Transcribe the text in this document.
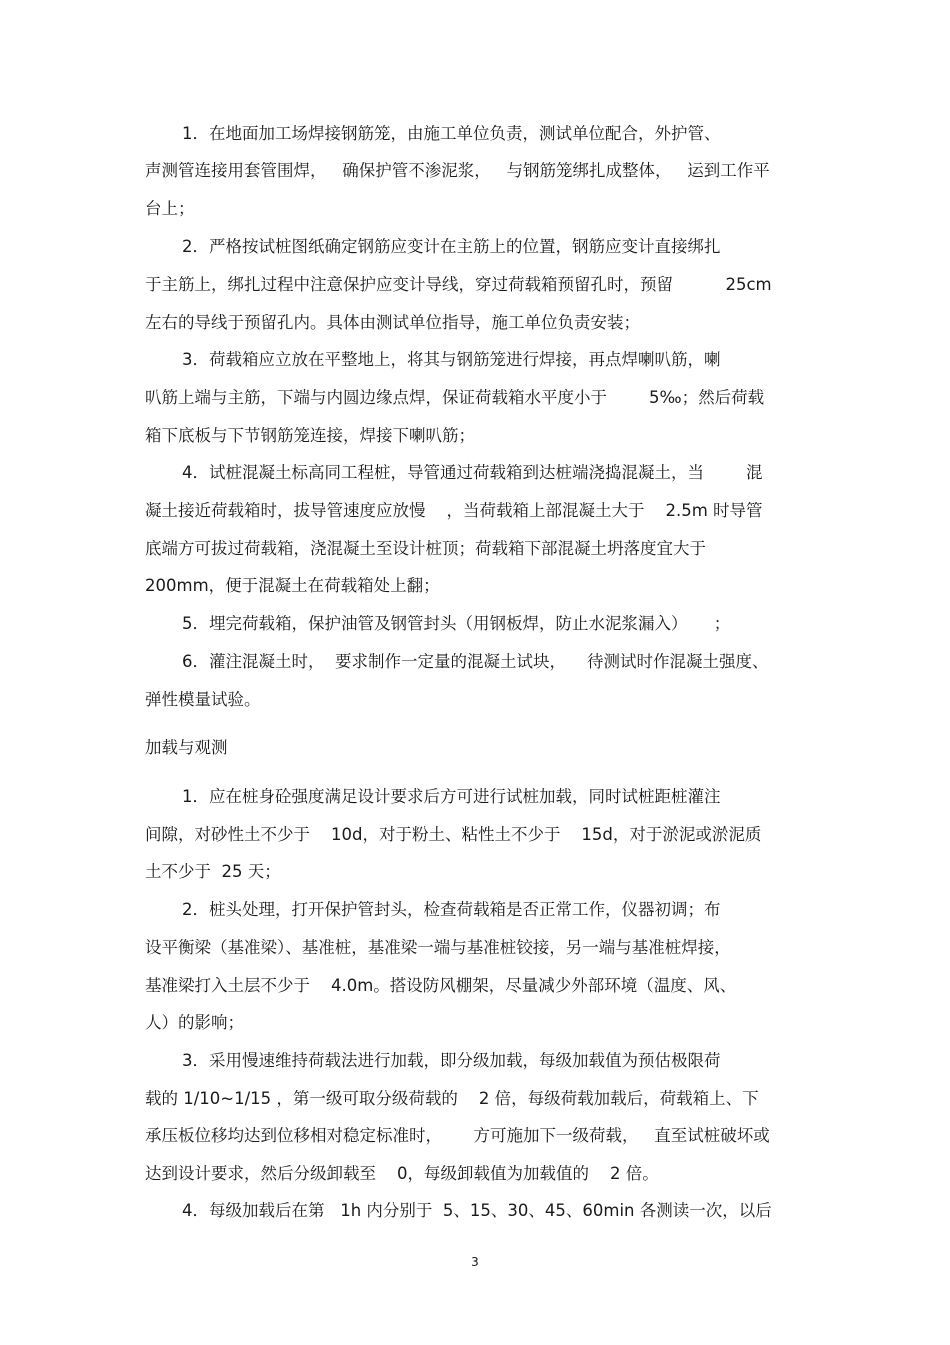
1．在地面加工场焊接钢筋笼，由施工单位负责，测试单位配合，外护管、
声测管连接用套管围焊，   确保护管不渗泥浆，   与钢筋笼绑扎成整体，   运到工作平
台上；
2．严格按试桩图纸确定钢筋应变计在主筋上的位置，钢筋应变计直接绑扎
于主筋上，绑扎过程中注意保护应变计导线，穿过荷载箱预留孔时，预留          25cm
左右的导线于预留孔内。具体由测试单位指导，施工单位负责安装；
3．荷载箱应立放在平整地上，将其与钢筋笼进行焊接，再点焊喇叭筋，喇
叭筋上端与主筋，下端与内圆边缘点焊，保证荷载箱水平度小于        5‰；然后荷载
箱下底板与下节钢筋笼连接，焊接下喇叭筋；
4．试桩混凝土标高同工程桩，导管通过荷载箱到达桩端浇捣混凝土，当        混
凝土接近荷载箱时，拔导管速度应放慢    ，当荷载箱上部混凝土大于    2.5m 时导管
底端方可拔过荷载箱，浇混凝土至设计桩顶；荷载箱下部混凝土坍落度宜大于
200mm，便于混凝土在荷载箱处上翻；
5．埋完荷载箱，保护油管及钢管封头（用钢板焊，防止水泥浆漏入）     ；
6．灌注混凝土时，  要求制作一定量的混凝土试块，    待测试时作混凝土强度、
弹性模量试验。
加载与观测
1．应在桩身砼强度满足设计要求后方可进行试桩加载，同时试桩距桩灌注
间隙，对砂性土不少于    10d，对于粉土、粘性土不少于    15d，对于淤泥或淤泥质
土不少于  25 天；
2．桩头处理，打开保护管封头，检查荷载箱是否正常工作，仪器初调；布
设平衡梁（基准梁）、基准桩，基准梁一端与基准桩铰接，另一端与基准桩焊接，
基准梁打入土层不少于    4.0m。搭设防风棚架，尽量减少外部环境（温度、风、
人）的影响；
3．采用慢速维持荷载法进行加载，即分级加载，每级加载值为预估极限荷
载的 1/10~1/15 ，第一级可取分级荷载的    2 倍，每级荷载加载后，荷载箱上、下
承压板位移均达到位移相对稳定标准时，      方可施加下一级荷载，   直至试桩破坏或
达到设计要求，然后分级卸载至    0，每级卸载值为加载值的    2 倍。
4．每级加载后在第   1h 内分别于  5、15、30、45、60min 各测读一次，以后
3
